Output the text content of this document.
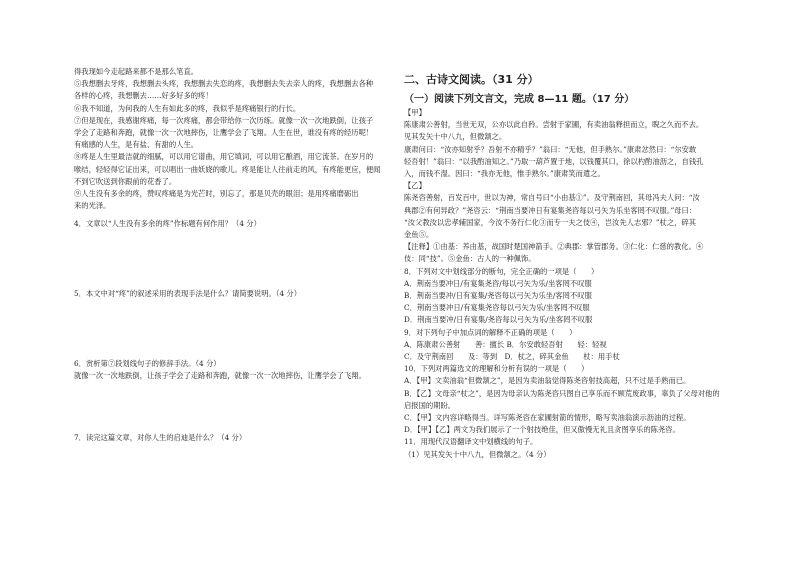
得我现如今走起路来都不是那么笔直。

⑤我想删去牙疼，我想删去头疼，我想删去失恋的疼，我想删去失去亲人的疼，我想删去各种

各样的心疼，我想删去……好多好多的疼！

⑥我不知道，为何我的人生有如此多的疼，我似乎是疼痛银行的行长。

⑦但是现在，我感谢疼痛，每一次疼痛，都会带给你一次历练。就像一次一次地跌倒，让孩子

学会了走路和奔跑，就像一次一次地摔伤，让鹰学会了飞翔。人生在世，谁没有疼的经历呢！

有痛感的人生，是有盐、有甜的人生。

⑧疼是人生里最洁就的细腻，可以用它谱曲，用它填词，可以用它酿酒，用它流茶。在岁月的

喉结，轻轻得它证出来，可以唱出一曲妖娆的歌儿。疼是能让人往前走的风，有疼能更应，便闻

不到它吹送到你跟前的花香了。

⑨人生没有多余的疼，赞叹疼痛是为光芒时，别忘了，那是贝壳的眼泪；是用疼痛磨砺出

来的光泽。

4．文章以“人生没有多余的疼”作标题有何作用？（4 分）

5．本文中对“疼”的叙述采用的表现手法是什么？请简要说明。（4 分）

6．赏析第⑦段划线句子的修辞手法。（4 分）

就像一次一次地跌倒，让孩子学会了走路和奔跑，就像一次一次地摔伤，让鹰学会了飞翔。

7．读完这篇文章，对你人生的启迪是什么？（4 分）

二、古诗文阅读。（31 分）

（一）阅读下列文言文，完成 8—11 题。（17 分）

【甲】

陈康肃公善射，当世无双，公亦以此自矜。尝射于家圃，有卖油翁释担而立，睨之久而不去。

见其发矢十中八九，但微颔之。

康肃问曰：“汝亦知射乎？吾射不亦精乎？”翁曰：“无他，但手熟尔。”康肃忿然曰：“尔安敢

轻吾射！”翁曰：“以我酌油知之。”乃取一葫芦置于地，以钱覆其口，徐以杓酌油沥之，自钱孔

入，而钱不湿。因曰：“我亦无他，惟手熟尔。”康肃笑而遣之。

【乙】

陈尧咨善射，百发百中，世以为神，常自号曰“小由基①”。及守荆南回，其母冯夫人问：“汝

典郡②有何异政？”尧咨云：“荆南当要冲日有宴集尧咨每以弓矢为乐坐客罔不叹服。”母曰：

“汝父教汝以忠孝辅国家，今汝不务行仁化③而专一夫之伎④，岂汝先人志邪？”杖之，碎其

金鱼⑤。

【注释】①由基：养由基，战国时楚国神箭手。②典郡：掌管郡务。③仁化：仁慈的教化。④

伎：同“技”。⑤金鱼：古人的一种佩饰。

8．下列对文中划线部分的断句，完全正确的一项是（　　）

A．荆南当要冲日/有宴集尧咨/每以弓矢为乐/坐客罔不叹服

B．荆南当要冲/日有宴集/尧咨每以弓矢为乐坐/客罔不叹服

C．荆南当要冲日/有宴集尧咨每以弓矢为乐/坐客罔不叹服

D．荆南当要冲/日有宴集/尧咨每以弓矢为乐/坐客罔不叹服

9．对下列句子中加点词的解释不正确的项是（　　）

A．陈康肃公善射　　善：擅长 B．尔安敢轻吾射　　轻：轻视

C．及守荆南回　　及：等到　D．杖之，碎其金鱼　　杖：用手杖

10．下列对两篇选文的理解和分析有误的一项是（　　）

A．【甲】文卖油翁“但微颔之”，是因为卖油翁觉得陈尧咨射技高超，只不过是手熟而已。

B．【乙】文母亲“杖之”，是因为母亲认为陈尧咨只图自己享乐而不顾荒废政事，辜负了父母对他的

启报国的期盼。

C．【甲】文内容详略得当。详写陈尧咨在家圃射箭的情形，略写卖油翁演示沥油的过程。

D．【甲】【乙】两文为我们展示了一个射技绝佳，但又傲慢无礼且贪图享乐的陈尧咨。

11．用现代汉语翻译文中划横线的句子。

（1）见其发矢十中八九，但微颔之。（4 分）
